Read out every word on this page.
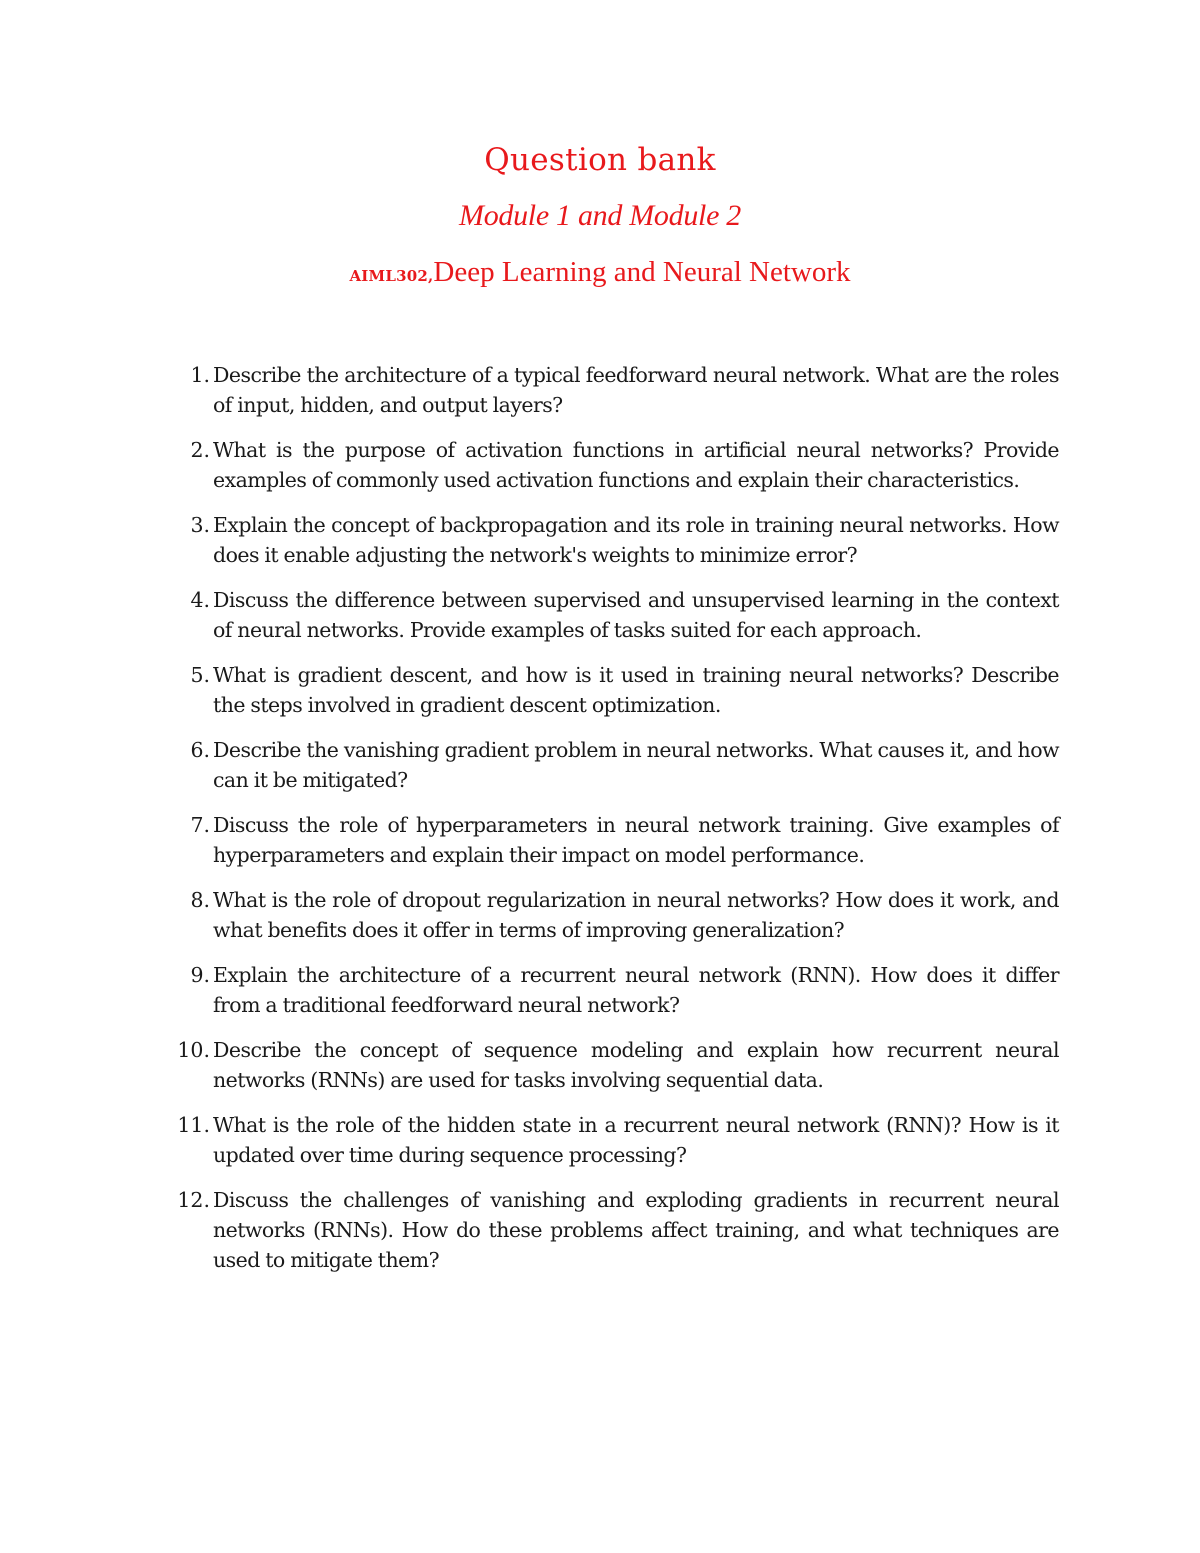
Question bank
Module 1 and Module 2
AIML302,Deep Learning and Neural Network
1. Describe the architecture of a typical feedforward neural network. What are the roles of input, hidden, and output layers?
2. What is the purpose of activation functions in artificial neural networks? Provide examples of commonly used activation functions and explain their characteristics.
3. Explain the concept of backpropagation and its role in training neural networks. How does it enable adjusting the network's weights to minimize error?
4. Discuss the difference between supervised and unsupervised learning in the context of neural networks. Provide examples of tasks suited for each approach.
5. What is gradient descent, and how is it used in training neural networks? Describe the steps involved in gradient descent optimization.
6. Describe the vanishing gradient problem in neural networks. What causes it, and how can it be mitigated?
7. Discuss the role of hyperparameters in neural network training. Give examples of hyperparameters and explain their impact on model performance.
8. What is the role of dropout regularization in neural networks? How does it work, and what benefits does it offer in terms of improving generalization?
9. Explain the architecture of a recurrent neural network (RNN). How does it differ from a traditional feedforward neural network?
10. Describe the concept of sequence modeling and explain how recurrent neural networks (RNNs) are used for tasks involving sequential data.
11. What is the role of the hidden state in a recurrent neural network (RNN)? How is it updated over time during sequence processing?
12. Discuss the challenges of vanishing and exploding gradients in recurrent neural networks (RNNs). How do these problems affect training, and what techniques are used to mitigate them?
